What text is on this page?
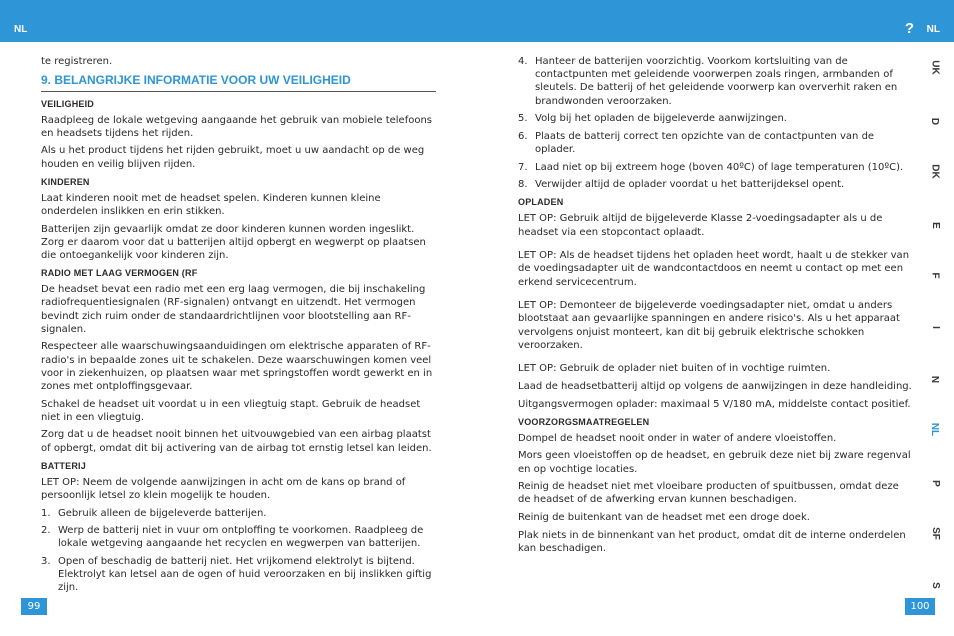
NL	? NL

te registreren.

9. BELANGRIJKE INFORMATIE VOOR UW VEILIGHEID
VEILIGHEID

Raadpleeg de lokale wetgeving aangaande het gebruik van mobiele telefoons en headsets tijdens het rijden.

Als u het product tijdens het rijden gebruikt, moet u uw aandacht op de weg houden en veilig blijven rijden.

KINDEREN

Laat kinderen nooit met de headset spelen. Kinderen kunnen kleine onderdelen inslikken en erin stikken.

Batterijen zijn gevaarlijk omdat ze door kinderen kunnen worden ingeslikt. Zorg er daarom voor dat u batterijen altijd opbergt en wegwerpt op plaatsen die ontoegankelijk voor kinderen zijn.

RADIO MET LAAG VERMOGEN (RF

De headset bevat een radio met een erg laag vermogen, die bij inschakeling radiofrequentiesignalen (RF-signalen) ontvangt en uitzendt. Het vermogen bevindt zich ruim onder de standaardrichtlijnen voor blootstelling aan RF-signalen.

Respecteer alle waarschuwingsaanduidingen om elektrische apparaten of RF-radio's in bepaalde zones uit te schakelen. Deze waarschuwingen komen veel voor in ziekenhuizen, op plaatsen waar met springstoffen wordt gewerkt en in zones met ontploffingsgevaar.

Schakel de headset uit voordat u in een vliegtuig stapt. Gebruik de headset niet in een vliegtuig.

Zorg dat u de headset nooit binnen het uitvouwgebied van een airbag plaatst of opbergt, omdat dit bij activering van de airbag tot ernstig letsel kan leiden.

BATTERIJ

LET OP: Neem de volgende aanwijzingen in acht om de kans op brand of persoonlijk letsel zo klein mogelijk te houden.

1. Gebruik alleen de bijgeleverde batterijen.
2. Werp de batterij niet in vuur om ontploffing te voorkomen. Raadpleeg de lokale wetgeving aangaande het recyclen en wegwerpen van batterijen.
3. Open of beschadig de batterij niet. Het vrijkomend elektrolyt is bijtend. Elektrolyt kan letsel aan de ogen of huid veroorzaken en bij inslikken giftig zijn.
4. Hanteer de batterijen voorzichtig. Voorkom kortsluiting van de contactpunten met geleidende voorwerpen zoals ringen, armbanden of sleutels. De batterij of het geleidende voorwerp kan oververhit raken en brandwonden veroorzaken.
5. Volg bij het opladen de bijgeleverde aanwijzingen.
6. Plaats de batterij correct ten opzichte van de contactpunten van de oplader.
7. Laad niet op bij extreem hoge (boven 40ºC) of lage temperaturen (10ºC).
8. Verwijder altijd de oplader voordat u het batterijdeksel opent.
OPLADEN

LET OP: Gebruik altijd de bijgeleverde Klasse 2-voedingsadapter als u de headset via een stopcontact oplaadt.

LET OP: Als de headset tijdens het opladen heet wordt, haalt u de stekker van de voedingsadapter uit de wandcontactdoos en neemt u contact op met een erkend servicecentrum.

LET OP: Demonteer de bijgeleverde voedingsadapter niet, omdat u anders blootstaat aan gevaarlijke spanningen en andere risico's. Als u het apparaat vervolgens onjuist monteert, kan dit bij gebruik elektrische schokken veroorzaken.

LET OP: Gebruik de oplader niet buiten of in vochtige ruimten.

Laad de headsetbatterij altijd op volgens de aanwijzingen in deze handleiding.

Uitgangsvermogen oplader: maximaal 5 V/180 mA, middelste contact positief.

VOORZORGSMAATREGELEN

Dompel de headset nooit onder in water of andere vloeistoffen.

Mors geen vloeistoffen op de headset, en gebruik deze niet bij zware regenval en op vochtige locaties.

Reinig de headset niet met vloeibare producten of spuitbussen, omdat deze de headset of de afwerking ervan kunnen beschadigen.

Reinig de buitenkant van de headset met een droge doek.

Plak niets in de binnenkant van het product, omdat dit de interne onderdelen kan beschadigen.

UK
D
DK
E
F
I
N
NL
P
SF
S
99	100
